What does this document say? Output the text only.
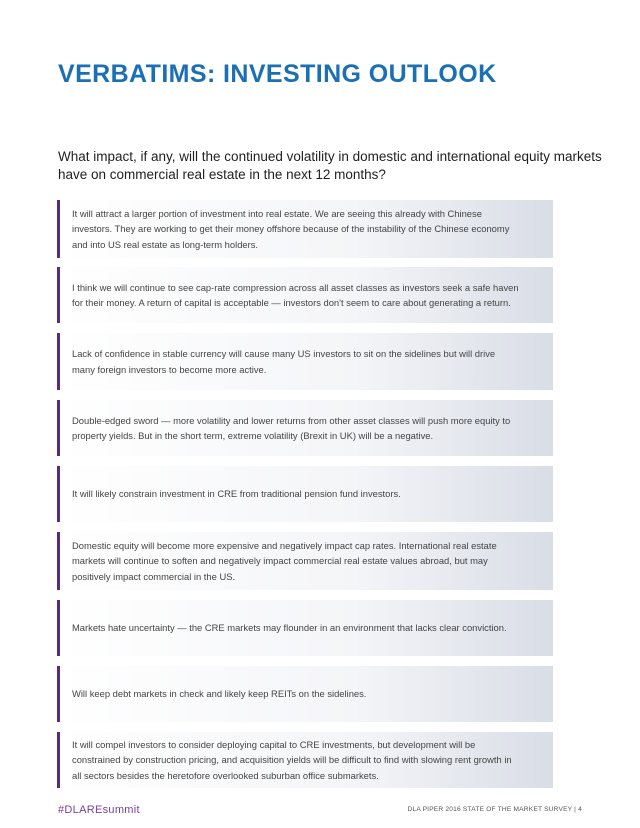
VERBATIMS: INVESTING OUTLOOK

What impact, if any, will the continued volatility in domestic and international equity markets have on commercial real estate in the next 12 months?

It will attract a larger portion of investment into real estate. We are seeing this already with Chinese investors. They are working to get their money offshore because of the instability of the Chinese economy and into US real estate as long-term holders.

I think we will continue to see cap-rate compression across all asset classes as investors seek a safe haven for their money. A return of capital is acceptable — investors don't seem to care about generating a return.

Lack of confidence in stable currency will cause many US investors to sit on the sidelines but will drive many foreign investors to become more active.

Double-edged sword — more volatility and lower returns from other asset classes will push more equity to property yields. But in the short term, extreme volatility (Brexit in UK) will be a negative.

It will likely constrain investment in CRE from traditional pension fund investors.

Domestic equity will become more expensive and negatively impact cap rates. International real estate markets will continue to soften and negatively impact commercial real estate values abroad, but may positively impact commercial in the US.

Markets hate uncertainty — the CRE markets may flounder in an environment that lacks clear conviction.

Will keep debt markets in check and likely keep REITs on the sidelines.

It will compel investors to consider deploying capital to CRE investments, but development will be constrained by construction pricing, and acquisition yields will be difficult to find with slowing rent growth in all sectors besides the heretofore overlooked suburban office submarkets.

#DLAREsummit	DLA PIPER 2016 STATE OF THE MARKET SURVEY | 4
